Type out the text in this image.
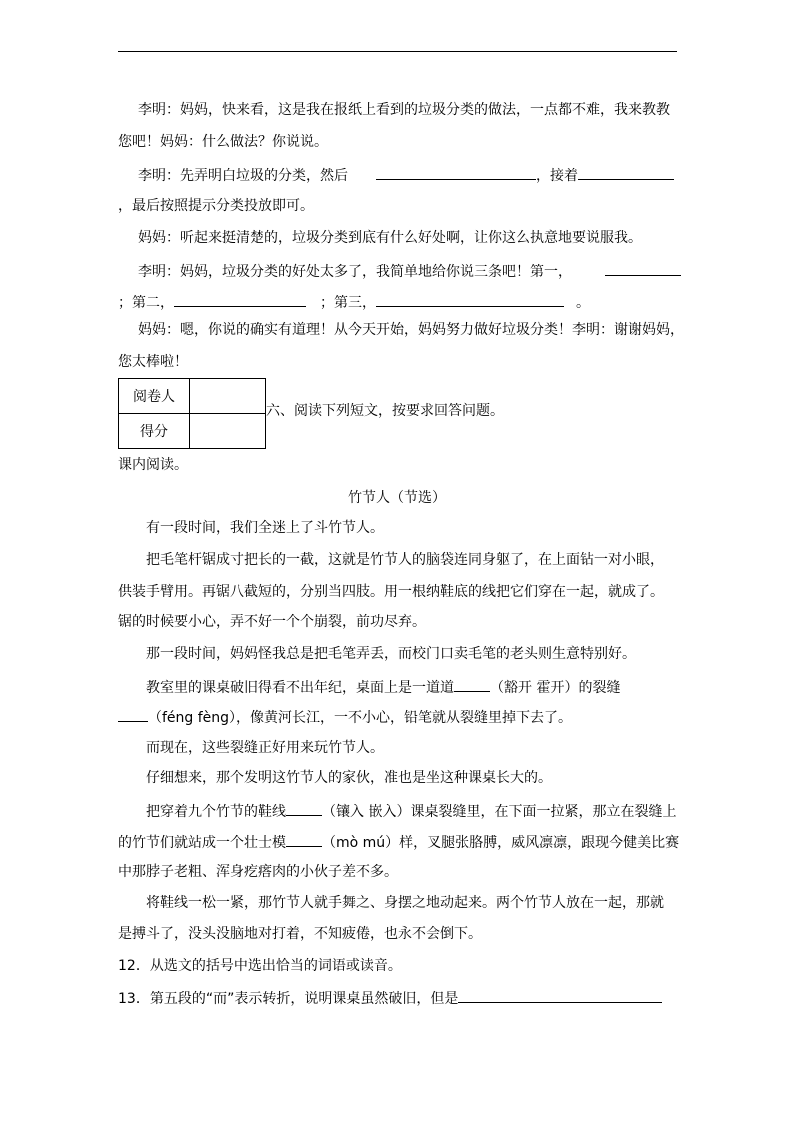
李明：妈妈，快来看，这是我在报纸上看到的垃圾分类的做法，一点都不难，我来教教
您吧！妈妈：什么做法？你说说。
李明：先弄明白垃圾的分类，然后	，接着
，最后按照提示分类投放即可。
妈妈：听起来挺清楚的，垃圾分类到底有什么好处啊，让你这么执意地要说服我。
李明：妈妈，垃圾分类的好处太多了，我简单地给你说三条吧！第一，
；第二，	；第三，	。
妈妈：嗯，你说的确实有道理！从今天开始，妈妈努力做好垃圾分类！李明：谢谢妈妈，
您太棒啦！
阅卷人	
得分	
六、阅读下列短文，按要求回答问题。
课内阅读。
竹节人（节选）
有一段时间，我们全迷上了斗竹节人。
把毛笔杆锯成寸把长的一截，这就是竹节人的脑袋连同身躯了，在上面钻一对小眼，
供装手臂用。再锯八截短的，分别当四肢。用一根纳鞋底的线把它们穿在一起，就成了。
锯的时候要小心，弄不好一个个崩裂，前功尽弃。
那一段时间，妈妈怪我总是把毛笔弄丢，而校门口卖毛笔的老头则生意特别好。
教室里的课桌破旧得看不出年纪，桌面上是一道道	（豁开 霍开）的裂缝
（féng fèng），像黄河长江，一不小心，铅笔就从裂缝里掉下去了。
而现在，这些裂缝正好用来玩竹节人。
仔细想来，那个发明这竹节人的家伙，准也是坐这种课桌长大的。
把穿着九个竹节的鞋线	（镶入 嵌入）课桌裂缝里，在下面一拉紧，那立在裂缝上
的竹节们就站成一个壮士模	（mò mú）样，叉腿张胳膊，威风凛凛，跟现今健美比赛
中那脖子老粗、浑身疙瘩肉的小伙子差不多。
将鞋线一松一紧，那竹节人就手舞之、身摆之地动起来。两个竹节人放在一起，那就
是搏斗了，没头没脑地对打着，不知疲倦，也永不会倒下。
12．从选文的括号中选出恰当的词语或读音。
13．第五段的“而”表示转折，说明课桌虽然破旧，但是
